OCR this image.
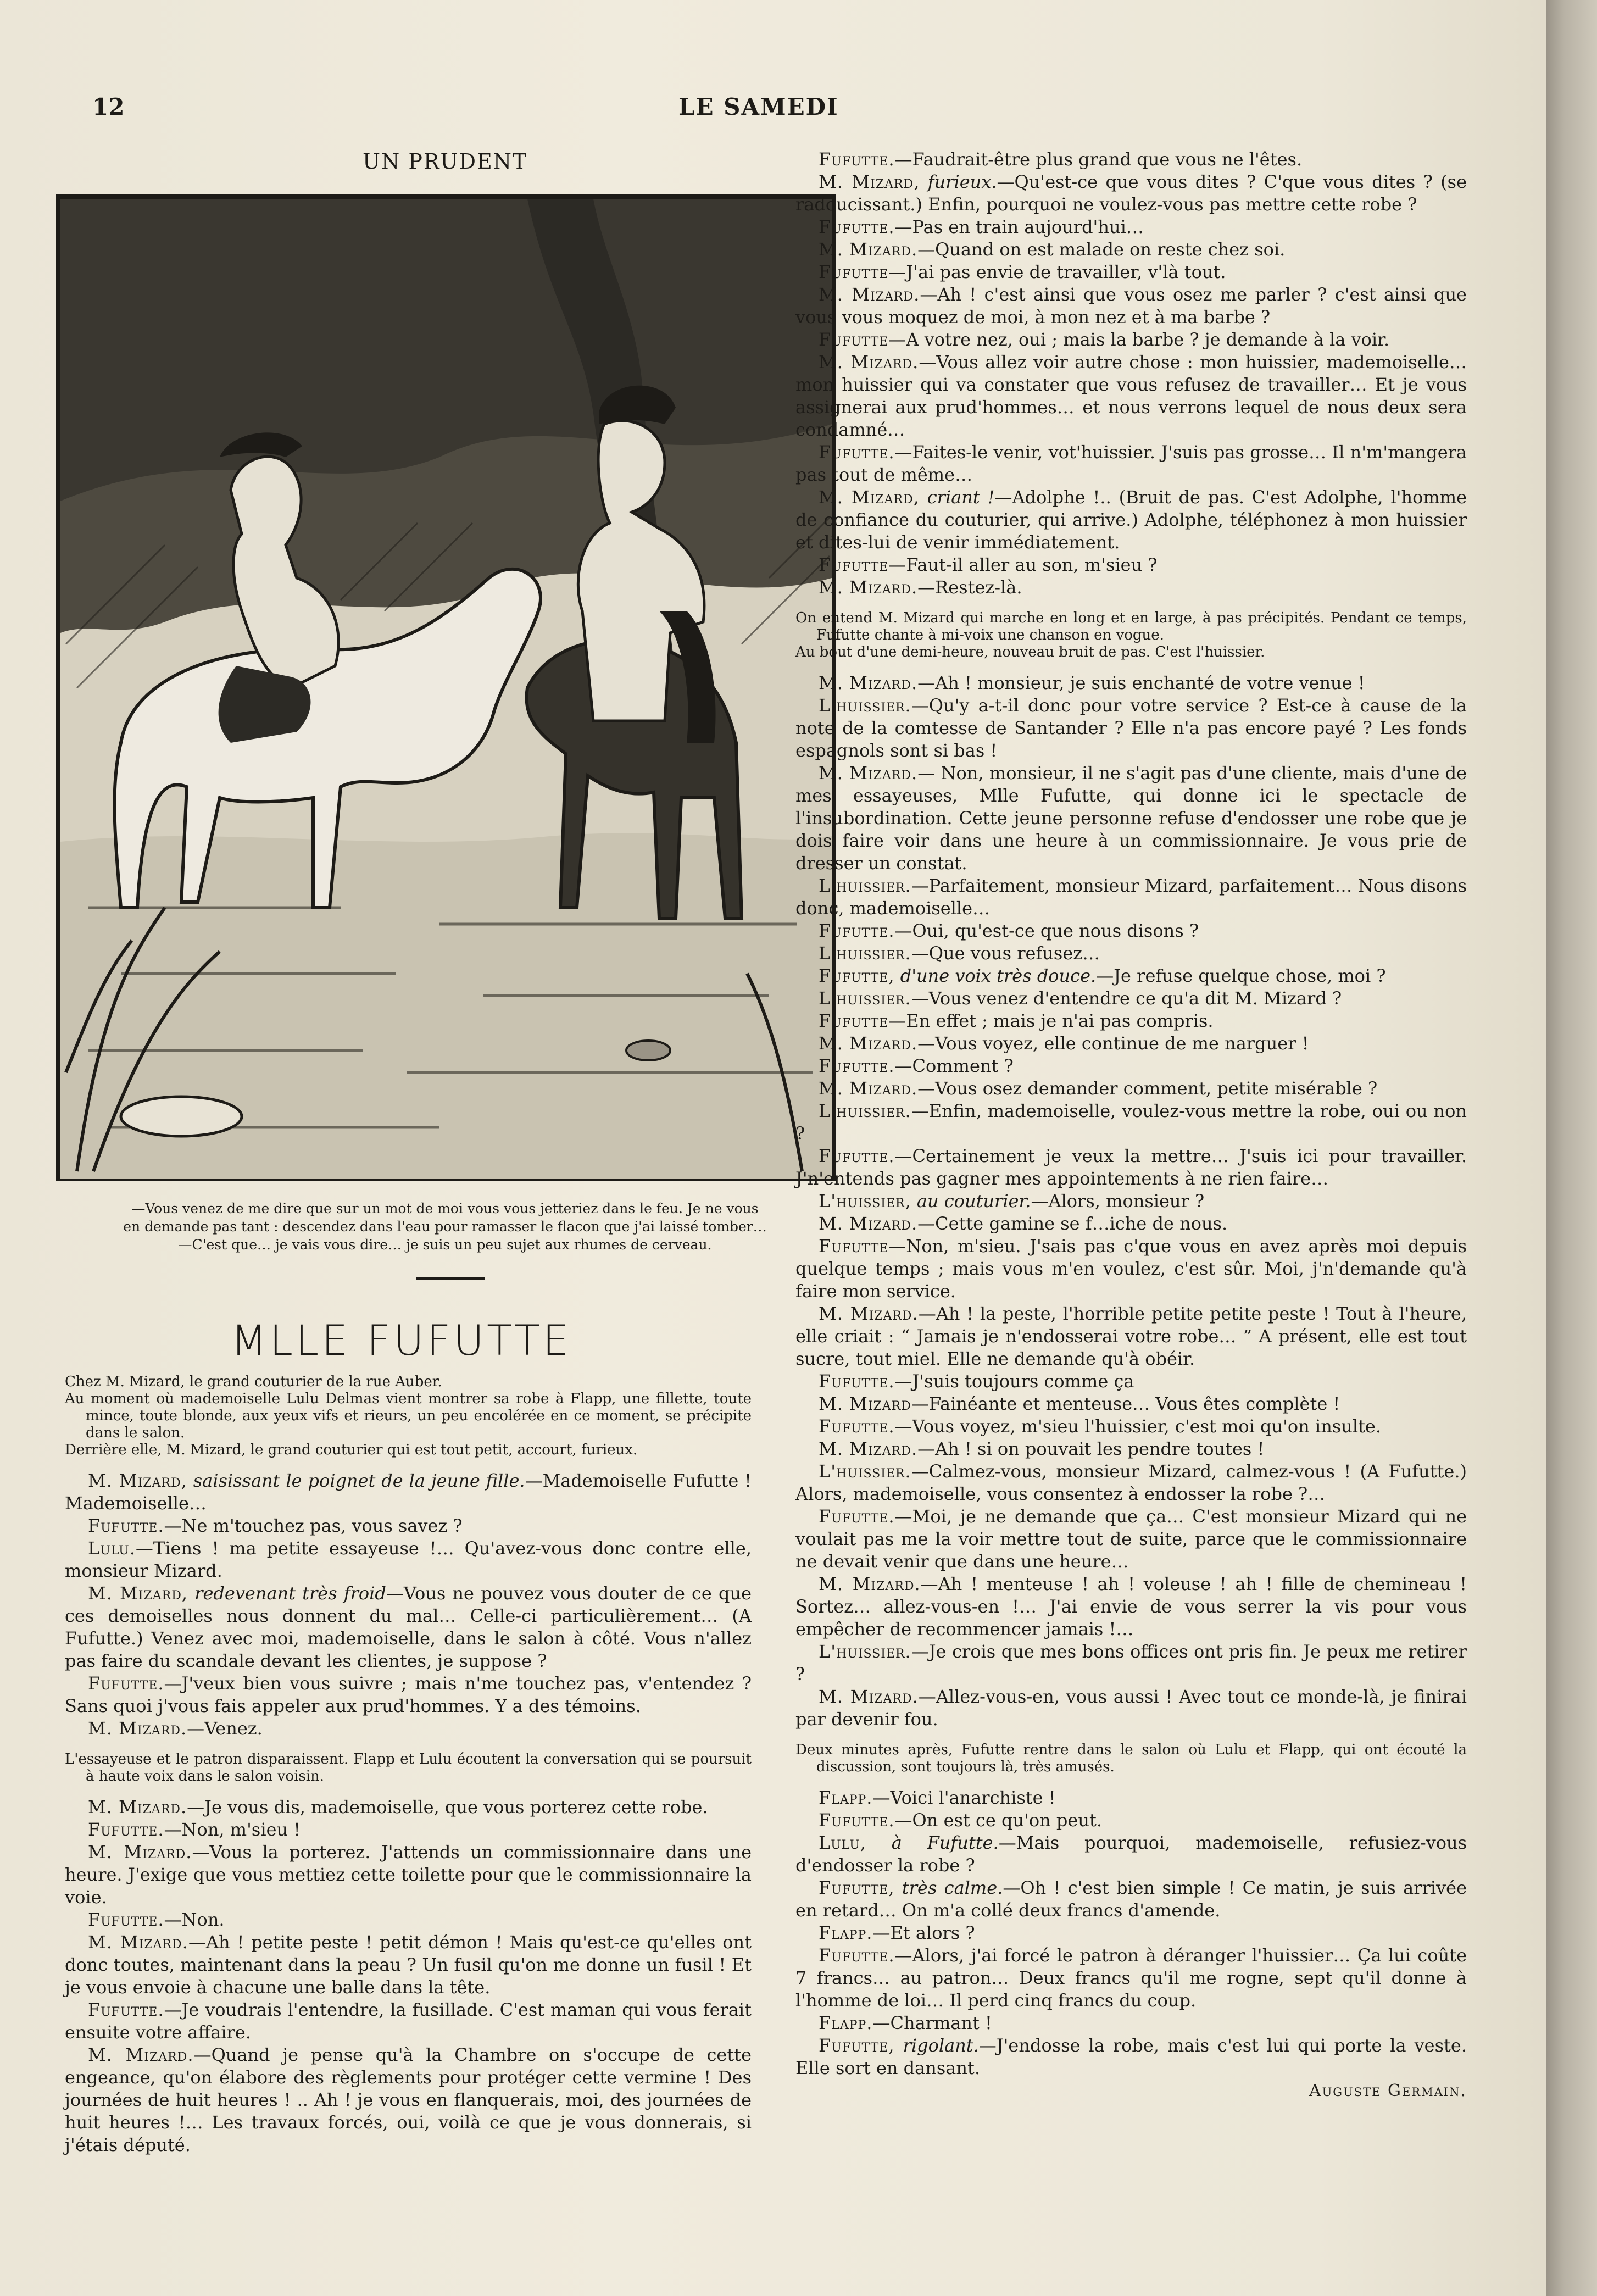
12	LE SAMEDI
UN PRUDENT

—Vous venez de me dire que sur un mot de moi vous vous jetteriez dans le feu. Je ne vous

en demande pas tant : descendez dans l'eau pour ramasser le flacon que j'ai laissé tomber…

—C'est que… je vais vous dire… je suis un peu sujet aux rhumes de cerveau.

MLLE FUFUTTE

Chez M. Mizard, le grand couturier de la rue Auber.

Au moment où mademoiselle Lulu Delmas vient montrer sa robe à Flapp, une fillette, toute mince, toute blonde, aux yeux vifs et rieurs, un peu encolérée en ce moment, se précipite dans le salon.

Derrière elle, M. Mizard, le grand couturier qui est tout petit, accourt, furieux.

M. Mizard, saisissant le poignet de la jeune fille.—Mademoiselle Fufutte ! Mademoiselle…

Fufutte.—Ne m'touchez pas, vous savez ?

Lulu.—Tiens ! ma petite essayeuse !… Qu'avez-vous donc contre elle, monsieur Mizard.

M. Mizard, redevenant très froid—Vous ne pouvez vous douter de ce que ces demoiselles nous donnent du mal… Celle-ci particulièrement… (A Fufutte.) Venez avec moi, mademoiselle, dans le salon à côté. Vous n'allez pas faire du scandale devant les clientes, je suppose ?

Fufutte.—J'veux bien vous suivre ; mais n'me touchez pas, v'entendez ? Sans quoi j'vous fais appeler aux prud'hommes. Y a des témoins.

M. Mizard.—Venez.

L'essayeuse et le patron disparaissent. Flapp et Lulu écoutent la conversation qui se poursuit à haute voix dans le salon voisin.

M. Mizard.—Je vous dis, mademoiselle, que vous porterez cette robe.

Fufutte.—Non, m'sieu !

M. Mizard.—Vous la porterez. J'attends un commissionnaire dans une heure. J'exige que vous mettiez cette toilette pour que le commissionnaire la voie.

Fufutte.—Non.

M. Mizard.—Ah ! petite peste ! petit démon ! Mais qu'est-ce qu'elles ont donc toutes, maintenant dans la peau ? Un fusil qu'on me donne un fusil ! Et je vous envoie à chacune une balle dans la tête.

Fufutte.—Je voudrais l'entendre, la fusillade. C'est maman qui vous ferait ensuite votre affaire.

M. Mizard.—Quand je pense qu'à la Chambre on s'occupe de cette engeance, qu'on élabore des règlements pour protéger cette vermine ! Des journées de huit heures ! .. Ah ! je vous en flanquerais, moi, des journées de huit heures !… Les travaux forcés, oui, voilà ce que je vous donnerais, si j'étais député.

Fufutte.—Faudrait-être plus grand que vous ne l'êtes.

M. Mizard, furieux.—Qu'est-ce que vous dites ? C'que vous dites ? (se radoucissant.) Enfin, pourquoi ne voulez-vous pas mettre cette robe ?

Fufutte.—Pas en train aujourd'hui…

M. Mizard.—Quand on est malade on reste chez soi.

Fufutte—J'ai pas envie de travailler, v'là tout.

M. Mizard.—Ah ! c'est ainsi que vous osez me parler ? c'est ainsi que vous vous moquez de moi, à mon nez et à ma barbe ?

Fufutte—A votre nez, oui ; mais la barbe ? je demande à la voir.

M. Mizard.—Vous allez voir autre chose : mon huissier, mademoiselle… mon huissier qui va constater que vous refusez de travailler… Et je vous assignerai aux prud'hommes… et nous verrons lequel de nous deux sera condamné…

Fufutte.—Faites-le venir, vot'huissier. J'suis pas grosse… Il n'm'mangera pas tout de même…

M. Mizard, criant !—Adolphe !.. (Bruit de pas. C'est Adolphe, l'homme de confiance du couturier, qui arrive.) Adolphe, téléphonez à mon huissier et dites-lui de venir immédiatement.

Fufutte—Faut-il aller au son, m'sieu ?

M. Mizard.—Restez-là.

On entend M. Mizard qui marche en long et en large, à pas précipités. Pendant ce temps, Fufutte chante à mi-voix une chanson en vogue.

Au bout d'une demi-heure, nouveau bruit de pas. C'est l'huissier.

M. Mizard.—Ah ! monsieur, je suis enchanté de votre venue !

L'huissier.—Qu'y a-t-il donc pour votre service ? Est-ce à cause de la note de la comtesse de Santander ? Elle n'a pas encore payé ? Les fonds espagnols sont si bas !

M. Mizard.— Non, monsieur, il ne s'agit pas d'une cliente, mais d'une de mes essayeuses, Mlle Fufutte, qui donne ici le spectacle de l'insubordination. Cette jeune personne refuse d'endosser une robe que je dois faire voir dans une heure à un commissionnaire. Je vous prie de dresser un constat.

L'huissier.—Parfaitement, monsieur Mizard, parfaitement… Nous disons donc, mademoiselle…

Fufutte.—Oui, qu'est-ce que nous disons ?

L'huissier.—Que vous refusez…

Fufutte, d'une voix très douce.—Je refuse quelque chose, moi ?

L'huissier.—Vous venez d'entendre ce qu'a dit M. Mizard ?

Fufutte—En effet ; mais je n'ai pas compris.

M. Mizard.—Vous voyez, elle continue de me narguer !

Fufutte.—Comment ?

M. Mizard.—Vous osez demander comment, petite misérable ?

L'huissier.—Enfin, mademoiselle, voulez-vous mettre la robe, oui ou non ?

Fufutte.—Certainement je veux la mettre… J'suis ici pour travailler. J'n'entends pas gagner mes appointements à ne rien faire…

L'huissier, au couturier.—Alors, monsieur ?

M. Mizard.—Cette gamine se f…iche de nous.

Fufutte—Non, m'sieu. J'sais pas c'que vous en avez après moi depuis quelque temps ; mais vous m'en voulez, c'est sûr. Moi, j'n'demande qu'à faire mon service.

M. Mizard.—Ah ! la peste, l'horrible petite petite peste ! Tout à l'heure, elle criait : “ Jamais je n'endosserai votre robe… ” A présent, elle est tout sucre, tout miel. Elle ne demande qu'à obéir.

Fufutte.—J'suis toujours comme ça

M. Mizard—Fainéante et menteuse… Vous êtes complète !

Fufutte.—Vous voyez, m'sieu l'huissier, c'est moi qu'on insulte.

M. Mizard.—Ah ! si on pouvait les pendre toutes !

L'huissier.—Calmez-vous, monsieur Mizard, calmez-vous ! (A Fufutte.) Alors, mademoiselle, vous consentez à endosser la robe ?…

Fufutte.—Moi, je ne demande que ça… C'est monsieur Mizard qui ne voulait pas me la voir mettre tout de suite, parce que le commissionnaire ne devait venir que dans une heure…

M. Mizard.—Ah ! menteuse ! ah ! voleuse ! ah ! fille de chemineau ! Sortez… allez-vous-en !… J'ai envie de vous serrer la vis pour vous empêcher de recommencer jamais !…

L'huissier.—Je crois que mes bons offices ont pris fin. Je peux me retirer ?

M. Mizard.—Allez-vous-en, vous aussi ! Avec tout ce monde-là, je finirai par devenir fou.

Deux minutes après, Fufutte rentre dans le salon où Lulu et Flapp, qui ont écouté la discussion, sont toujours là, très amusés.

Flapp.—Voici l'anarchiste !

Fufutte.—On est ce qu'on peut.

Lulu, à Fufutte.—Mais pourquoi, mademoiselle, refusiez-vous d'endosser la robe ?

Fufutte, très calme.—Oh ! c'est bien simple ! Ce matin, je suis arrivée en retard… On m'a collé deux francs d'amende.

Flapp.—Et alors ?

Fufutte.—Alors, j'ai forcé le patron à déranger l'huissier… Ça lui coûte 7 francs… au patron… Deux francs qu'il me rogne, sept qu'il donne à l'homme de loi… Il perd cinq francs du coup.

Flapp.—Charmant !

Fufutte, rigolant.—J'endosse la robe, mais c'est lui qui porte la veste. Elle sort en dansant.

Auguste Germain.
